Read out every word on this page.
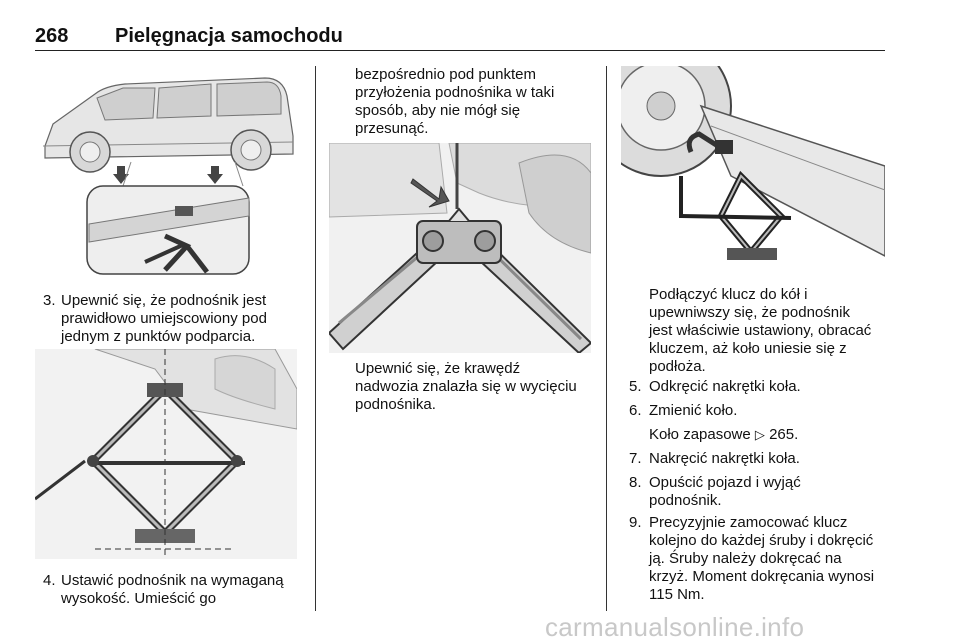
268 Pielęgnacja samochodu
3. Upewnić się, że podnośnik jest
prawidłowo umiejscowiony pod
jednym z punktów podparcia.
4. Ustawić podnośnik na wymaganą
wysokość. Umieścić go
bezpośrednio pod punktem
przyłożenia podnośnika w taki
sposób, aby nie mógł się
przesunąć.
Upewnić się, że krawędź
nadwozia znalazła się w wycięciu
podnośnika.
Podłączyć klucz do kół i
upewniwszy się, że podnośnik
jest właściwie ustawiony, obracać
kluczem, aż koło uniesie się z
podłoża.
5. Odkręcić nakrętki koła.
6. Zmienić koło.
Koło zapasowe ▷ 265.
7. Nakręcić nakrętki koła.
8. Opuścić pojazd i wyjąć
podnośnik.
9. Precyzyjnie zamocować klucz
kolejno do każdej śruby i dokręcić
ją. Śruby należy dokręcać na
krzyż. Moment dokręcania wynosi
115 Nm.
carmanualsonline.info
